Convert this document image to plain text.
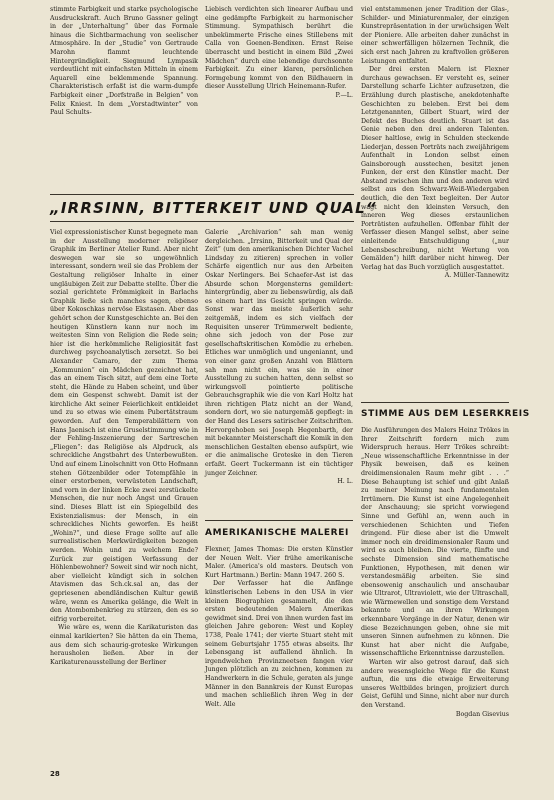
stimmte Farbigkeit und starke psychologische Ausdruckskraft. Auch Bruno Gassner gelingt in der „Unterhaltung“ über das Formale hinaus die Sichtbarmachung von seelischer Atmosphäre. In der „Studie“ von Gertraude Marohn flammt leuchtende Hintergründigkeit. Siegmund Lympasik verdeutlicht mit einfachsten Mitteln in einem Aquarell eine beklemmende Spannung. Charakteristisch erfaßt ist die warm-dumpfe Farbigkeit einer „Dorfstraße in Belgien“ von Felix Kniest. In dem „Vorstadtwinter“ von Paul Schults-

Liebisch verdichten sich linearer Aufbau und eine gedämpfte Farbigkeit zu harmonischer Stimmung. Sympathisch berührt die unbekümmerte Frische eines Stillebens mit Calla von Goenen-Bendixen. Ernst Reise überrascht und besticht in einem Bild „Zwei Mädchen“ durch eine lebendige durchsonnte Farbigkeit. Zu einer klaren, persönlichen Formgebung kommt von den Bildhauern in dieser Ausstellung Ulrich Heinemann-Rufer.

P.—L.

viel entstammenen jener Tradition der Glas-, Schilder- und Miniaturenmaler, der einzigen Kunstrepräsentation in der urwüchsigen Welt der Pioniere. Alle arbeiten daher zunächst in einer schwerfälligen hölzernen Technik, die sich erst nach Jahren zu kraftvollen größeren Leistungen entfaltet.

Der drei ersten Malern ist Flexner durchaus gewachsen. Er versteht es, seiner Darstellung scharfe Lichter aufzusetzen, die Erzählung durch plastische, anekdotenhafte Geschichten zu beleben. Erst bei dem Letztgenannten, Gilbert Stuart, wird der Defekt des Buches deutlich. Stuart ist das Genie neben den drei anderen Talenten. Dieser haltlose, ewig in Schulden steckende Liederjan, dessen Porträts nach zweijährigem Aufenthalt in London selbst einen Gainsborough ausstechen, besitzt jenen Funken, der erst den Künstler macht. Der Abstand zwischen ihm und den anderen wird selbst aus den Schwarz-Weiß-Wiedergaben deutlich, die den Text begleiten. Der Autor wagt nicht den kleinsten Versuch, den inneren Weg dieses erstaunlichen Porträtisten aufzuhellen. Offenbar fühlt der Verfasser diesen Mangel selbst, aber seine einleitende Entschuldigung („nur Lebensbeschreibung, nicht Wertung von Gemälden“) hilft darüber nicht hinweg. Der Verlag hat das Buch vorzüglich ausgestattet.

A. Müller-Tannewitz
„IRRSINN, BITTERKEIT UND QUAL“

Viel expressionistischer Kunst begegnete man in der Ausstellung moderner religiöser Graphik im Berliner Atelier Rund. Aber nicht deswegen war sie so ungewöhnlich interessant, sondern weil sie das Problem der Gestaltung religiöser Inhalte in einer ungläubigen Zeit zur Debatte stellte. Über die sozial gerichtete Frömmigkeit in Barlachs Graphik ließe sich manches sagen, ebenso über Kokoschkas nervöse Ekstasen. Aber das gehört schon der Kunstgeschichte an. Bei den heutigen Künstlern kann nur noch im weitesten Sinn von Religion die Rede sein; hier ist die herkömmliche Religiosität fast durchweg psychoanalytisch zersetzt. So bei Alexander Camaro, der zum Thema „Kommunion“ ein Mädchen gezeichnet hat, das an einem Tisch sitzt, auf dem eine Torte steht, die Hände zu Haben scheint, und über dem ein Gespenst schwebt. Damit ist der kirchliche Akt seiner Feierlichkeit entkleidet und zu so etwas wie einem Pubertätstraum geworden. Auf den Temperabilättern von Hans Jaenisch ist eine Gruselstimmung wie in der Fehling-Inszenierung der Sartreschen „Fliegen“: das Religiöse als Alpdruck, als schreckliche Angstbahrt des Unterbewußten. Und auf einem Linolschnitt von Otto Hofmann stehen Götzenbilder oder Totempfähle in einer erstorbenen, verwüsteten Landschaft, und vorn in der linken Ecke zwei zerstückelte Menschen, die nur noch Angst und Grauen sind. Dieses Blatt ist ein Spiegelbild des Existenzialismus: der Mensch, in ein schreckliches Nichts geworfen. Es heißt „Wohin?“, und diese Frage sollte auf alle surrealistischen Merkwürdigkeiten bezogen werden. Wohin und zu welchem Ende? Zurück zur geistigen Verfassung der Höhlenbewohner? Soweit sind wir noch nicht, aber vielleicht kündigt sich in solchen Atavismen das Sch.ck.sal an, das der gepriesenen abendländischen Kultur gewiß wäre, wenn es Amerika gelänge, die Welt in den Atombombenkrieg zu stürzen, den es so eifrig vorbereitet.

Wie wäre es, wenn die Karikaturisten das einmal karikierten? Sie hätten da ein Thema, aus dem sich schaurig-groteske Wirkungen herausholen ließen. Aber in der Karikaturenausstellung der Berliner

Galerie „Archivarion“ sah man wenig dergleichen. „Irrsinn, Bitterkeit und Qual der Zeit“ (um den amerikanischen Dichter Vachel Lindsday zu zitieren) sprechen in voller Schärfe eigentlich nur aus den Arbeiten Oskar Nerlingers. Bei Schaefer-Ast ist das Absurde schon Morgensterns gemildert: hintergründig, aber zu liebenswürdig, als daß es einem hart ins Gesicht springen würde. Sonst war das meiste äußerlich sehr zeitgemäß, indem es sich vielfach der Requisiten unserer Trümmerwelt bediente, ohne sich jedoch von der Pose zur gesellschaftskritischen Komödie zu erheben. Etliches war unmöglich und ungeniannt, und von einer ganz großen Anzahl von Blättern sah man nicht ein, was sie in einer Ausstellung zu suchen hatten, denn selbst so wirkungsvoll pointierte politische Gebrauchsgraphik wie die von Karl Holtz hat ihren richtigen Platz nicht an der Wand, sondern dort, wo sie naturgemäß gepflegt: in der Hand des Lesers satirischer Zeitschriften. Hervorgehoben sei Joseph Hegenbarth, der mit bekannter Meisterschaft die Komik in den menschlichen Gestalten ebenso aufspürt, wie er die animalische Groteske in den Tieren erfaßt. Geert Tuckermann ist ein tüchtiger junger Zeichner.

H. L.
AMERIKANISCHE MALEREI

Flexner, James Thomas: Die ersten Künstler der Neuen Welt. Vier frühe amerikanische Maler. (America's old masters. Deutsch von Kurt Hartmann.) Berlin: Mann 1947. 260 S.

Der Verfasser hat die Anfänge künstlerischen Lebens in den USA in vier kleinen Biographien gesammelt, die den ersten bedeutenden Malern Amerikas gewidmet sind. Drei von ihnen wurden fast im gleichen Jahre geboren: West und Kopley 1738, Peale 1741; der vierte Stuart steht mit seinem Geburtsjahr 1755 etwas abseits. Ihr Lebensgang ist auffallend ähnlich. In irgendwelchen Provinzneetsen fangen vier Jungen plötzlich an zu zeichnen, kommen zu Handwerkern in die Schule, geraten als junge Männer in den Bannkreis der Kunst Europas und machen schließlich ihren Weg in der Welt. Alle

STIMME AUS DEM LESERKREIS

Die Ausführungen des Malers Heinz Trökes in Ihrer Zeitschrift fordern mich zum Widerspruch heraus. Herr Trökes schreibt: „Neue wissenschaftliche Erkenntnisse in der Physik beweisen, daß es keinen dreidimensionalen Raum mehr gibt . . .“ Diese Behauptung ist schief und gibt Anlaß zu meiner Meinung nach fundamentalen Irrtümern. Die Kunst ist eine Angelegenheit der Anschauung; sie spricht vorwiegend Sinne und Gefühl an, wenn auch in verschiedenen Schichten und Tiefen dringend. Für diese aber ist die Umwelt immer noch ein dreidimensionaler Raum und wird es auch bleiben. Die vierte, fünfte und sechste Dimension sind mathematische Funktionen, Hypothesen, mit denen wir verstandesmäßig arbeiten. Sie sind ebensowenig anschaulich und anschaubar wie Ultrarot, Ultraviolett, wie der Ultraschall, wie Wärmewellen und sonstige dem Verstand bekannte und an ihren Wirkungen erkennbare Vorgänge in der Natur, denen wir diese Bezeichnungen geben, ohne sie mit unseren Sinnen aufnehmen zu können. Die Kunst hat aber nicht die Aufgabe, wissenschaftliche Erkenntnisse darzustellen.

Warten wir also getrost darauf, daß sich andere wesensgleiche Wege für die Kunst auftun, die uns die etwaige Erweiterung unseres Weltbildes bringen, projiziert durch Geist, Gefühl und Sinne, nicht aber nur durch den Verstand.

Bogdan Gisevius
28
